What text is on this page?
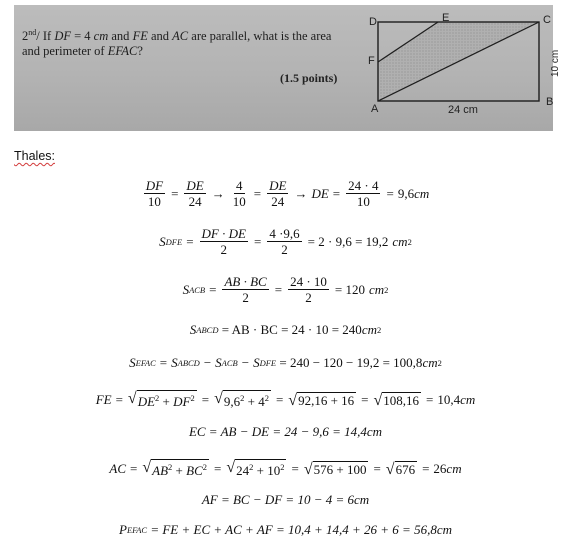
2nd/ If DF = 4 cm and FE and AC are parallel, what is the area and perimeter of EFAC?
(1.5 points)
D	E	C
F
A
B
24 cm
10 cm
Thales:
$\frac{DF}{10} = \frac{DE}{24} \to \frac{4}{10} = \frac{DE}{24}$ → DE = $\frac{24 \cdot 4}{10} = 9,6$ cm
S DFE = $\frac{DF \cdot DE}{2} = \frac{4 \cdot 9,6}{2} = 2 \cdot 9,6 = 19,2$ cm 2
S ACB = $\frac{AB \cdot BC}{2} = \frac{24 \cdot 10}{2} = 120$ cm 2
S ABCD = AB · BC = 24 · 10 = 240 cm 2
S EFAC = S ABCD − S ACB − S DFE = 240 − 120 − 19,2 = 100,8 cm 2
FE = √ $DE^2 + DF^2$ = √ $9,6^2 + 4^2$ = √ 92,16 + 16 = √ 108,16 = 10,4 cm
EC = AB − DE = 24 − 9,6 = 14,4 cm
AC = √ $AB^2 + BC^2$ = √ $24^2 + 10^2$ = √ 576 + 100 = √ 676 = 26 cm
AF = BC − DF = 10 − 4 = 6 cm
P EFAC = FE + EC + AC + AF = 10,4 + 14,4 + 26 + 6 = 56,8 cm
